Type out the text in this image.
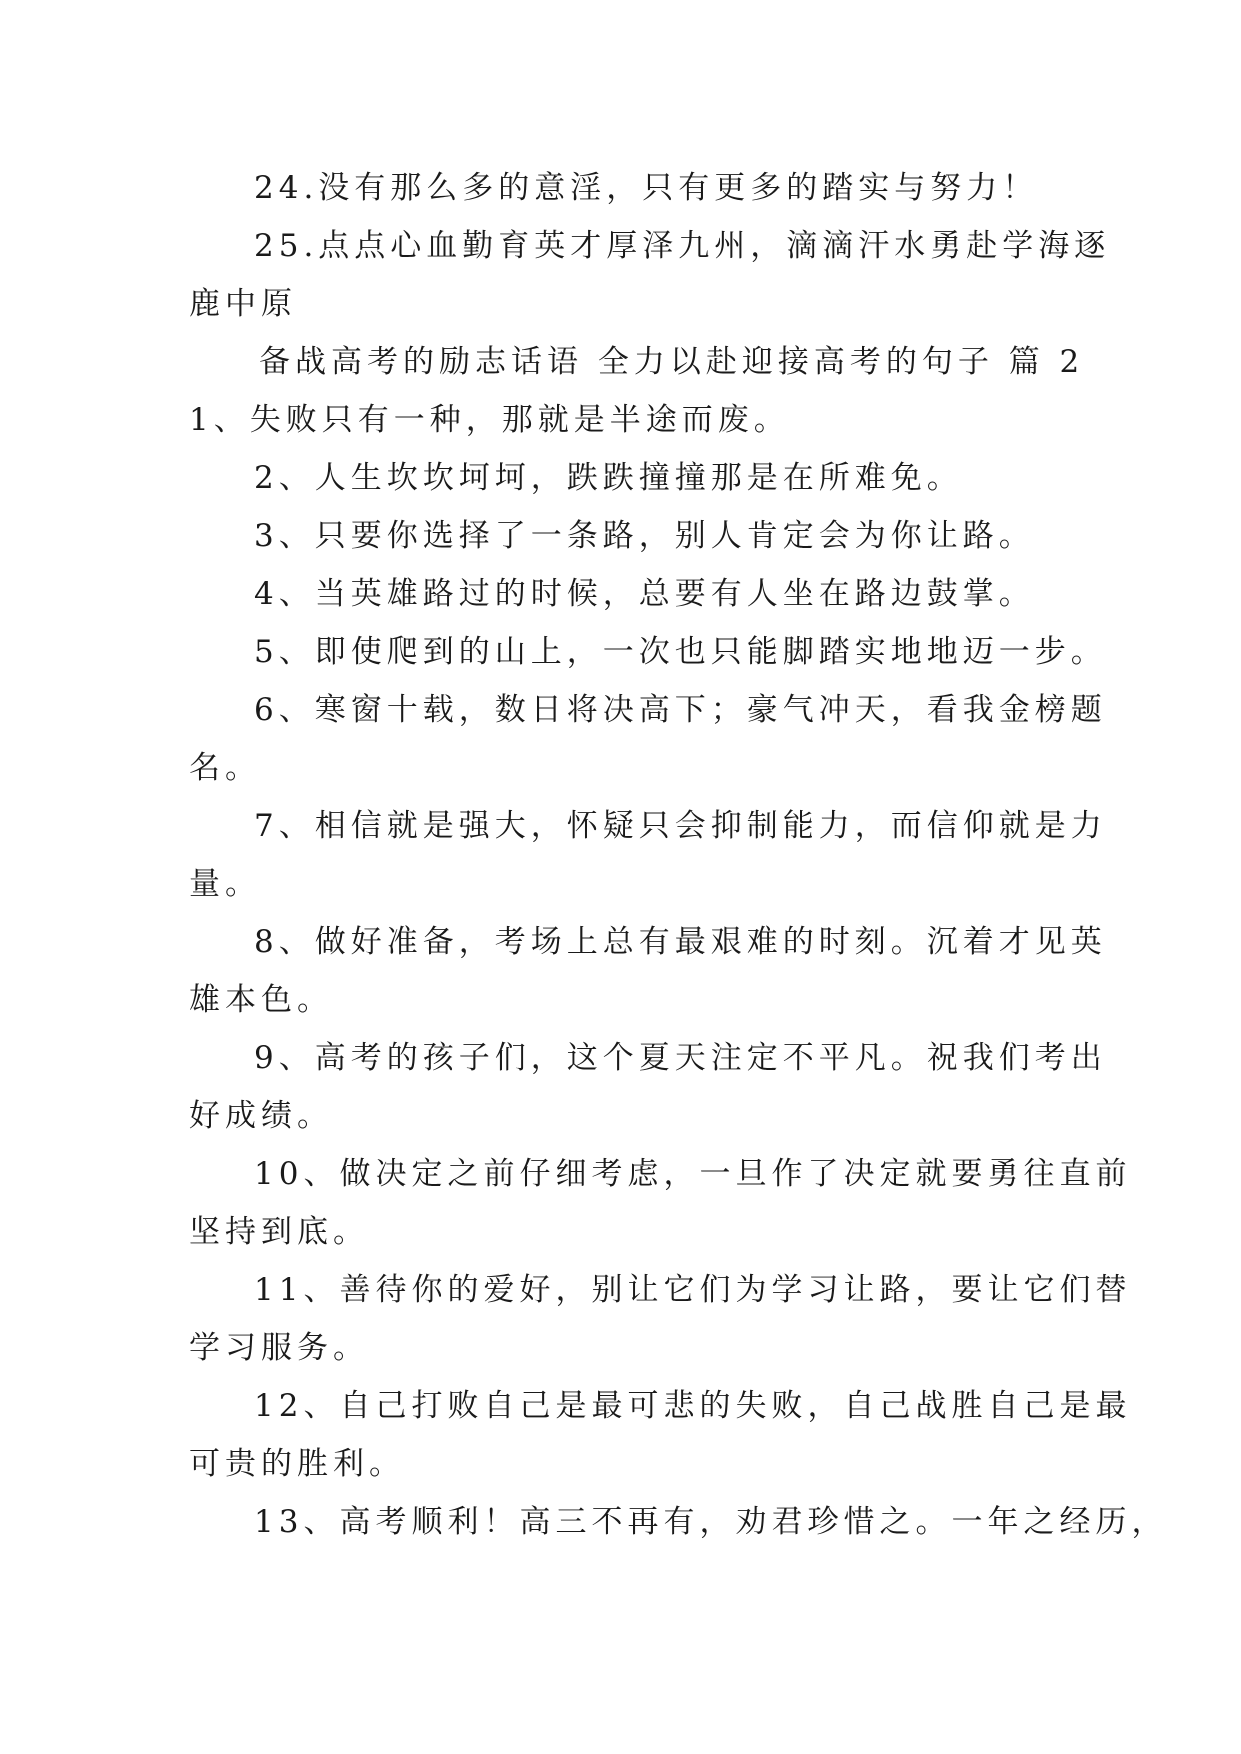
24.没有那么多的意淫，只有更多的踏实与努力！
25.点点心血勤育英才厚泽九州，滴滴汗水勇赴学海逐
鹿中原
备战高考的励志话语 全力以赴迎接高考的句子 篇 2
1、失败只有一种，那就是半途而废。
2、人生坎坎坷坷，跌跌撞撞那是在所难免。
3、只要你选择了一条路，别人肯定会为你让路。
4、当英雄路过的时候，总要有人坐在路边鼓掌。
5、即使爬到的山上，一次也只能脚踏实地地迈一步。
6、寒窗十载，数日将决高下；豪气冲天，看我金榜题
名。
7、相信就是强大，怀疑只会抑制能力，而信仰就是力
量。
8、做好准备，考场上总有最艰难的时刻。沉着才见英
雄本色。
9、高考的孩子们，这个夏天注定不平凡。祝我们考出
好成绩。
10、做决定之前仔细考虑，一旦作了决定就要勇往直前
坚持到底。
11、善待你的爱好，别让它们为学习让路，要让它们替
学习服务。
12、自己打败自己是最可悲的失败，自己战胜自己是最
可贵的胜利。
13、高考顺利！高三不再有，劝君珍惜之。一年之经历，
